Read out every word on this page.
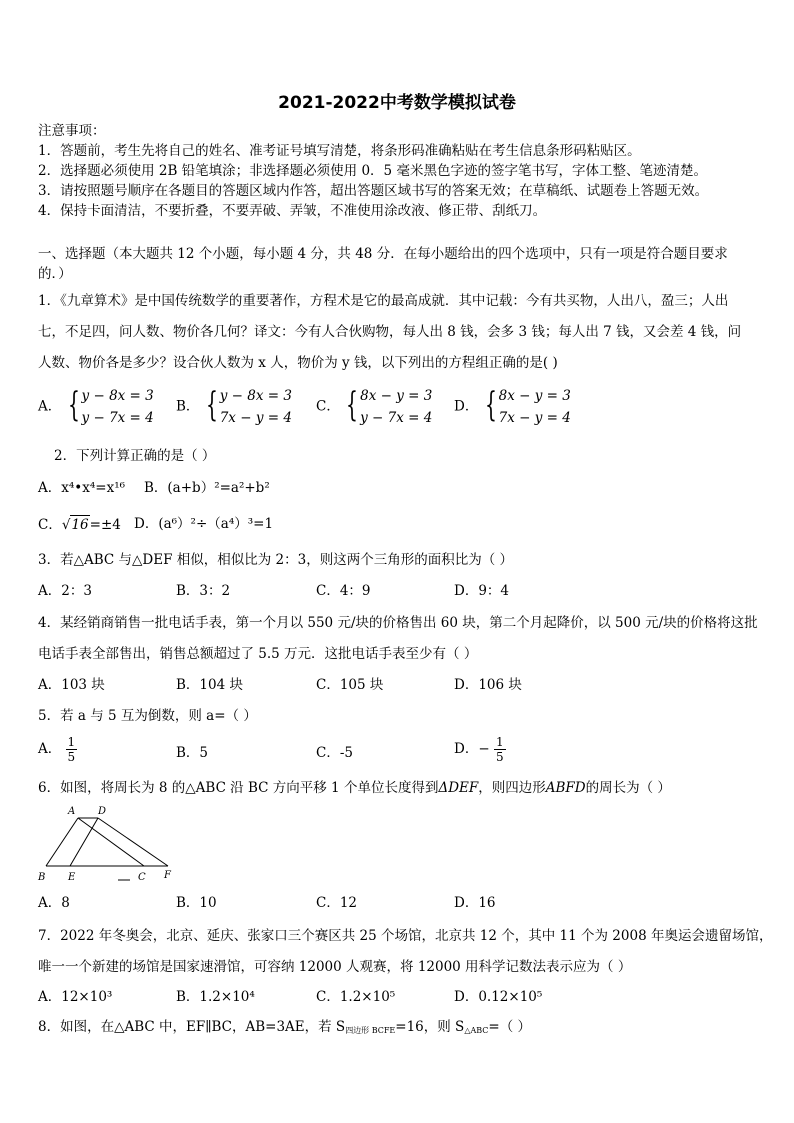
2021-2022中考数学模拟试卷
注意事项：
1．答题前，考生先将自己的姓名、准考证号填写清楚，将条形码准确粘贴在考生信息条形码粘贴区。
2．选择题必须使用 2B 铅笔填涂；非选择题必须使用 0．5 毫米黑色字迹的签字笔书写，字体工整、笔迹清楚。
3．请按照题号顺序在各题目的答题区域内作答，超出答题区域书写的答案无效；在草稿纸、试题卷上答题无效。
4．保持卡面清洁，不要折叠，不要弄破、弄皱，不准使用涂改液、修正带、刮纸刀。
一、选择题（本大题共 12 个小题，每小题 4 分，共 48 分．在每小题给出的四个选项中，只有一项是符合题目要求
的．）
1．《九章算术》是中国传统数学的重要著作，方程术是它的最高成就．其中记载：今有共买物，人出八，盈三；人出
七，不足四，问人数、物价各几何？译文：今有人合伙购物，每人出 8 钱，会多 3 钱；每人出 7 钱，又会差 4 钱，问
人数、物价各是多少？设合伙人数为 x 人，物价为 y 钱，以下列出的方程组正确的是( )
A． { y − 8x = 3
y − 7x = 4
B． { y − 8x = 3
7x − y = 4
C． { 8x − y = 3
y − 7x = 4
D． { 8x − y = 3
7x − y = 4
2．下列计算正确的是（ ）
A．x⁴•x⁴=x¹⁶ B．(a+b）²=a²+b²
C．√16=±4 D．(a⁶）²÷（a⁴）³=1
3．若△ABC 与△DEF 相似，相似比为 2：3，则这两个三角形的面积比为（ ）
A．2：3	B．3：2	C．4：9	D．9：4
4．某经销商销售一批电话手表，第一个月以 550 元/块的价格售出 60 块，第二个月起降价，以 500 元/块的价格将这批
电话手表全部售出，销售总额超过了 5.5 万元．这批电话手表至少有（ ）
A．103 块	B．104 块	C．105 块	D．106 块
5．若 a 与 5 互为倒数，则 a=（ ）
A． $\frac{1}{5}$	B．5	C．-5	D．− $\frac{1}{5}$
6．如图，将周长为 8 的△ABC 沿 BC 方向平移 1 个单位长度得到ΔDEF，则四边形ABFD的周长为（ ）
A D
B E	C F
A．8	B．10	C．12	D．16
7．2022 年冬奥会，北京、延庆、张家口三个赛区共 25 个场馆，北京共 12 个，其中 11 个为 2008 年奥运会遗留场馆，
唯一一个新建的场馆是国家速滑馆，可容纳 12000 人观赛，将 12000 用科学记数法表示应为（ ）
A．12×10³	B．1.2×10⁴	C．1.2×10⁵	D．0.12×10⁵
8．如图，在△ABC 中，EF∥BC，AB=3AE，若 S四边形 BCFE=16，则 S△ABC=（ ）
